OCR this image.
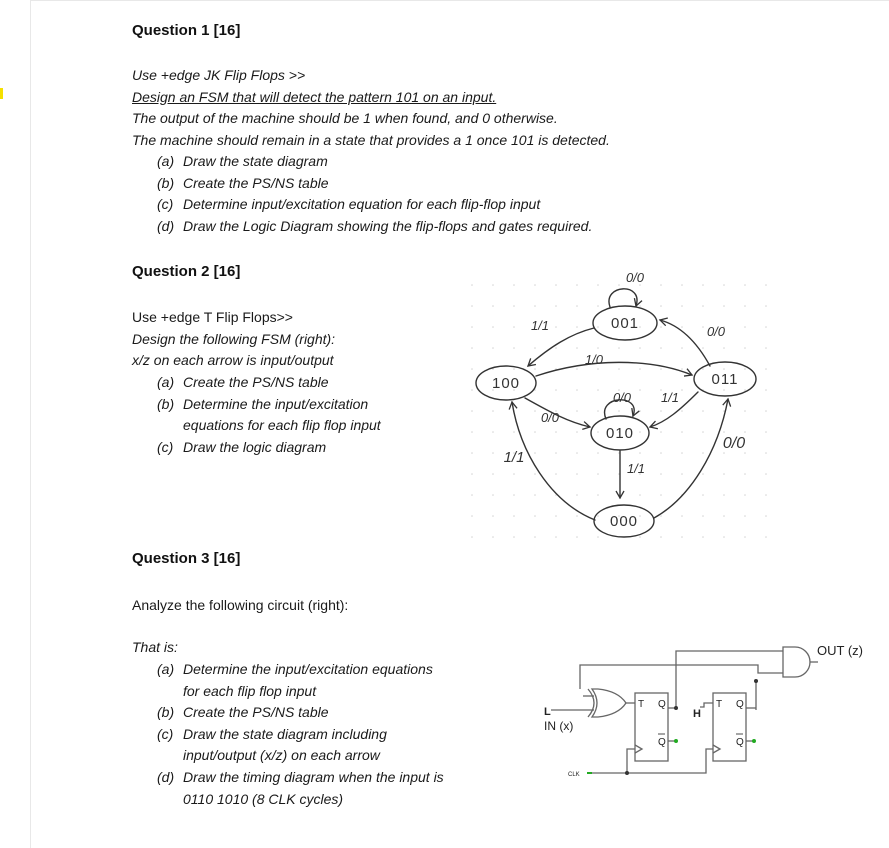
Question 1 [16]
Use +edge JK Flip Flops >>
Design an FSM that will detect the pattern 101 on an input.
The output of the machine should be 1 when found, and 0 otherwise.
The machine should remain in a state that provides a 1 once 101 is detected.
(a) Draw the state diagram
(b) Create the PS/NS table
(c) Determine input/excitation equation for each flip-flop input
(d) Draw the Logic Diagram showing the flip-flops and gates required.
Question 2 [16]
Use +edge T Flip Flops>>
Design the following FSM (right):
x/z on each arrow is input/output
(a) Create the PS/NS table
(b) Determine the input/excitation
equations for each flip flop input
(c) Draw the logic diagram
001
100	011
010
000
0/0
1/1	0/0
1/0
0/0 1/1
0/0
1/1
1/1
0/0
Question 3 [16]
Analyze the following circuit (right):
That is:
(a) Determine the input/excitation equations
for each flip flop input
(b) Create the PS/NS table
(c) Draw the state diagram including
input/output (x/z) on each arrow
(d) Draw the timing diagram when the input is
0110 1010 (8 CLK cycles)
OUT (z)
L
IN (x)
H
CLK
T Q
Q
T Q
Q
